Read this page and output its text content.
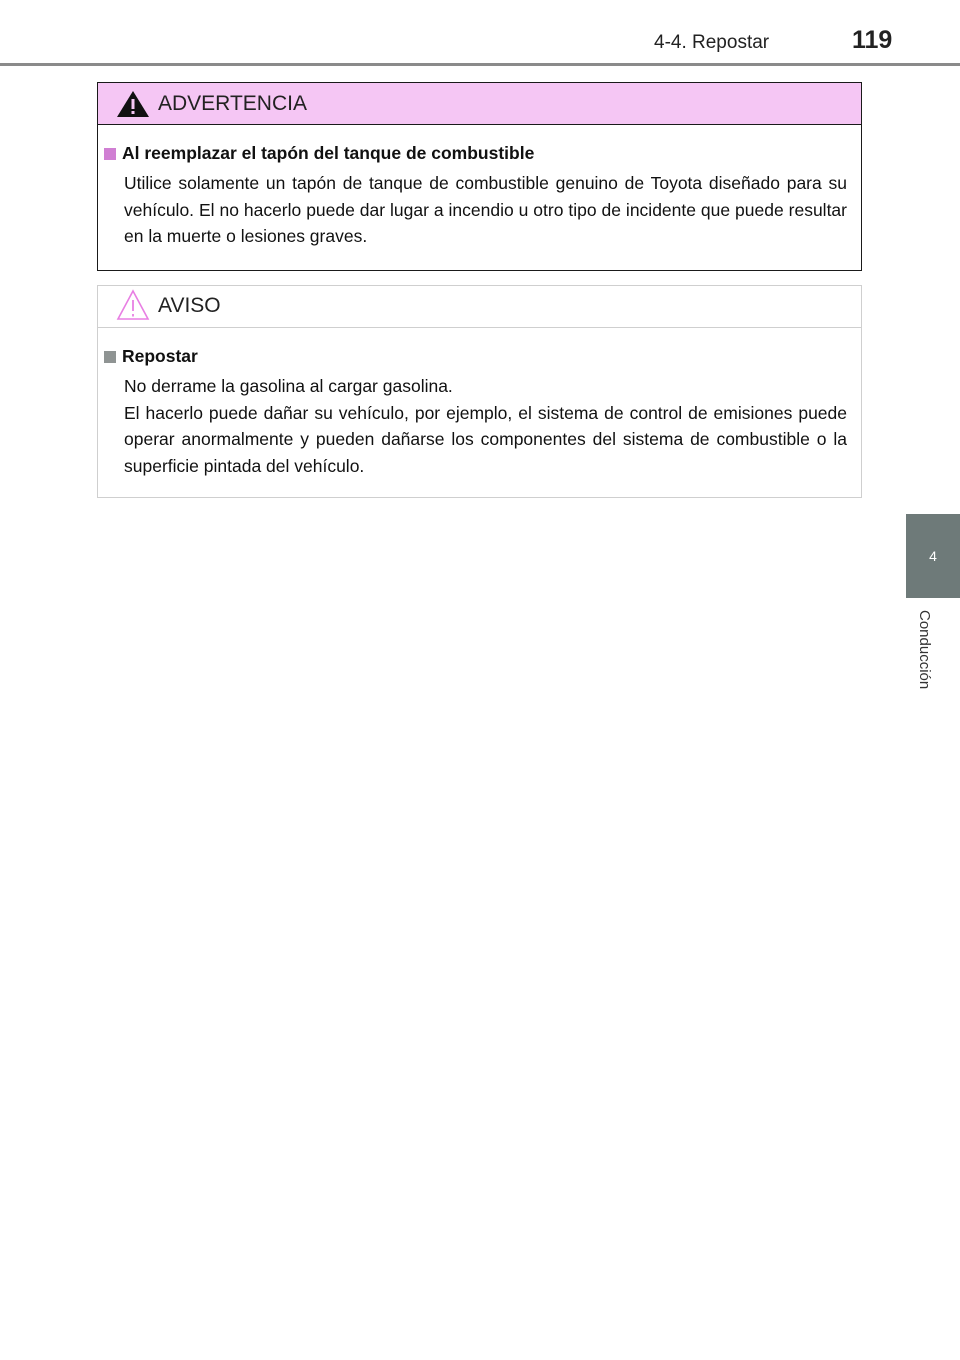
4-4. Repostar	119
4
Conducción
ADVERTENCIA
Al reemplazar el tapón del tanque de combustible

Utilice solamente un tapón de tanque de combustible genuino de Toyota diseñado para su vehículo. El no hacerlo puede dar lugar a incendio u otro tipo de incidente que puede resultar en la muerte o lesiones graves.

AVISO
Repostar

No derrame la gasolina al cargar gasolina.

El hacerlo puede dañar su vehículo, por ejemplo, el sistema de control de emisiones puede operar anormalmente y pueden dañarse los componentes del sistema de combustible o la superficie pintada del vehículo.
